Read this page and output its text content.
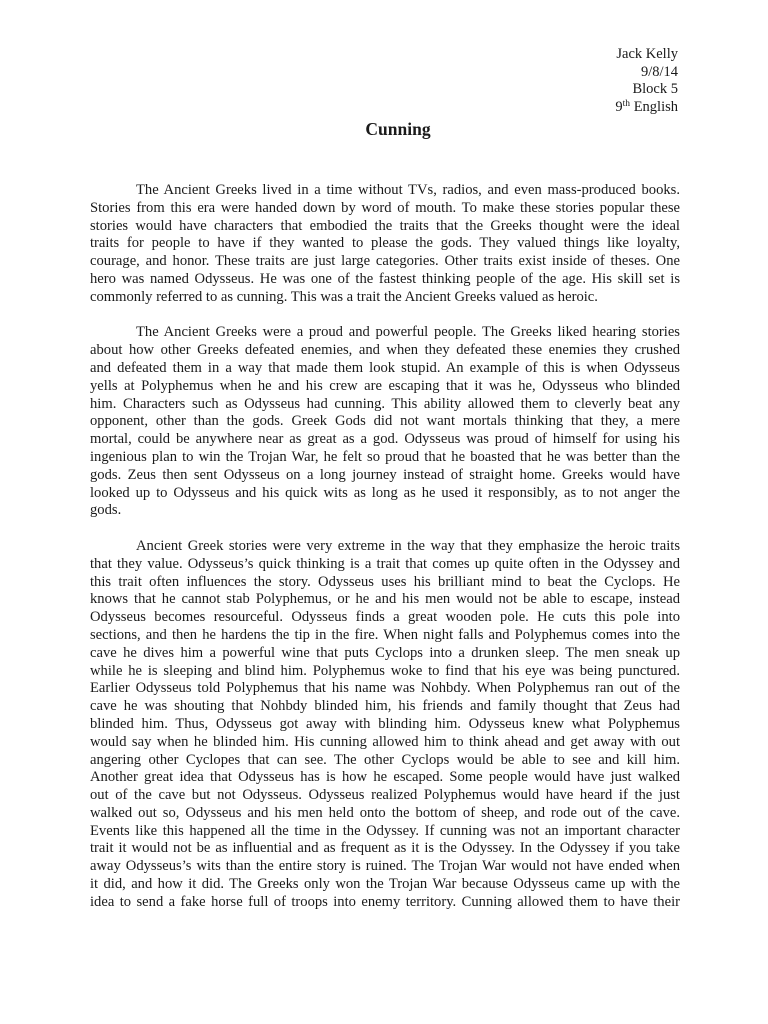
Jack Kelly
9/8/14
Block 5
9th English
Cunning

The Ancient Greeks lived in a time without TVs, radios, and even mass-produced books.
Stories from this era were handed down by word of mouth. To make these stories popular these
stories would have characters that embodied the traits that the Greeks thought were the ideal
traits for people to have if they wanted to please the gods. They valued things like loyalty,
courage, and honor. These traits are just large categories. Other traits exist inside of theses. One
hero was named Odysseus. He was one of the fastest thinking people of the age. His skill set is
commonly referred to as cunning. This was a trait the Ancient Greeks valued as heroic.

The Ancient Greeks were a proud and powerful people. The Greeks liked hearing stories
about how other Greeks defeated enemies, and when they defeated these enemies they crushed
and defeated them in a way that made them look stupid. An example of this is when Odysseus
yells at Polyphemus when he and his crew are escaping that it was he, Odysseus who blinded
him. Characters such as Odysseus had cunning. This ability allowed them to cleverly beat any
opponent, other than the gods. Greek Gods did not want mortals thinking that they, a mere
mortal, could be anywhere near as great as a god. Odysseus was proud of himself for using his
ingenious plan to win the Trojan War, he felt so proud that he boasted that he was better than the
gods. Zeus then sent Odysseus on a long journey instead of straight home. Greeks would have
looked up to Odysseus and his quick wits as long as he used it responsibly, as to not anger the
gods.

Ancient Greek stories were very extreme in the way that they emphasize the heroic traits
that they value. Odysseus’s quick thinking is a trait that comes up quite often in the Odyssey and
this trait often influences the story. Odysseus uses his brilliant mind to beat the Cyclops. He
knows that he cannot stab Polyphemus, or he and his men would not be able to escape, instead
Odysseus becomes resourceful. Odysseus finds a great wooden pole. He cuts this pole into
sections, and then he hardens the tip in the fire. When night falls and Polyphemus comes into the
cave he dives him a powerful wine that puts Cyclops into a drunken sleep. The men sneak up
while he is sleeping and blind him. Polyphemus woke to find that his eye was being punctured.
Earlier Odysseus told Polyphemus that his name was Nohbdy. When Polyphemus ran out of the
cave he was shouting that Nohbdy blinded him, his friends and family thought that Zeus had
blinded him. Thus, Odysseus got away with blinding him. Odysseus knew what Polyphemus
would say when he blinded him. His cunning allowed him to think ahead and get away with out
angering other Cyclopes that can see. The other Cyclops would be able to see and kill him.
Another great idea that Odysseus has is how he escaped. Some people would have just walked
out of the cave but not Odysseus. Odysseus realized Polyphemus would have heard if the just
walked out so, Odysseus and his men held onto the bottom of sheep, and rode out of the cave.
Events like this happened all the time in the Odyssey. If cunning was not an important character
trait it would not be as influential and as frequent as it is the Odyssey. In the Odyssey if you take
away Odysseus’s wits than the entire story is ruined. The Trojan War would not have ended when
it did, and how it did. The Greeks only won the Trojan War because Odysseus came up with the
idea to send a fake horse full of troops into enemy territory. Cunning allowed them to have their
